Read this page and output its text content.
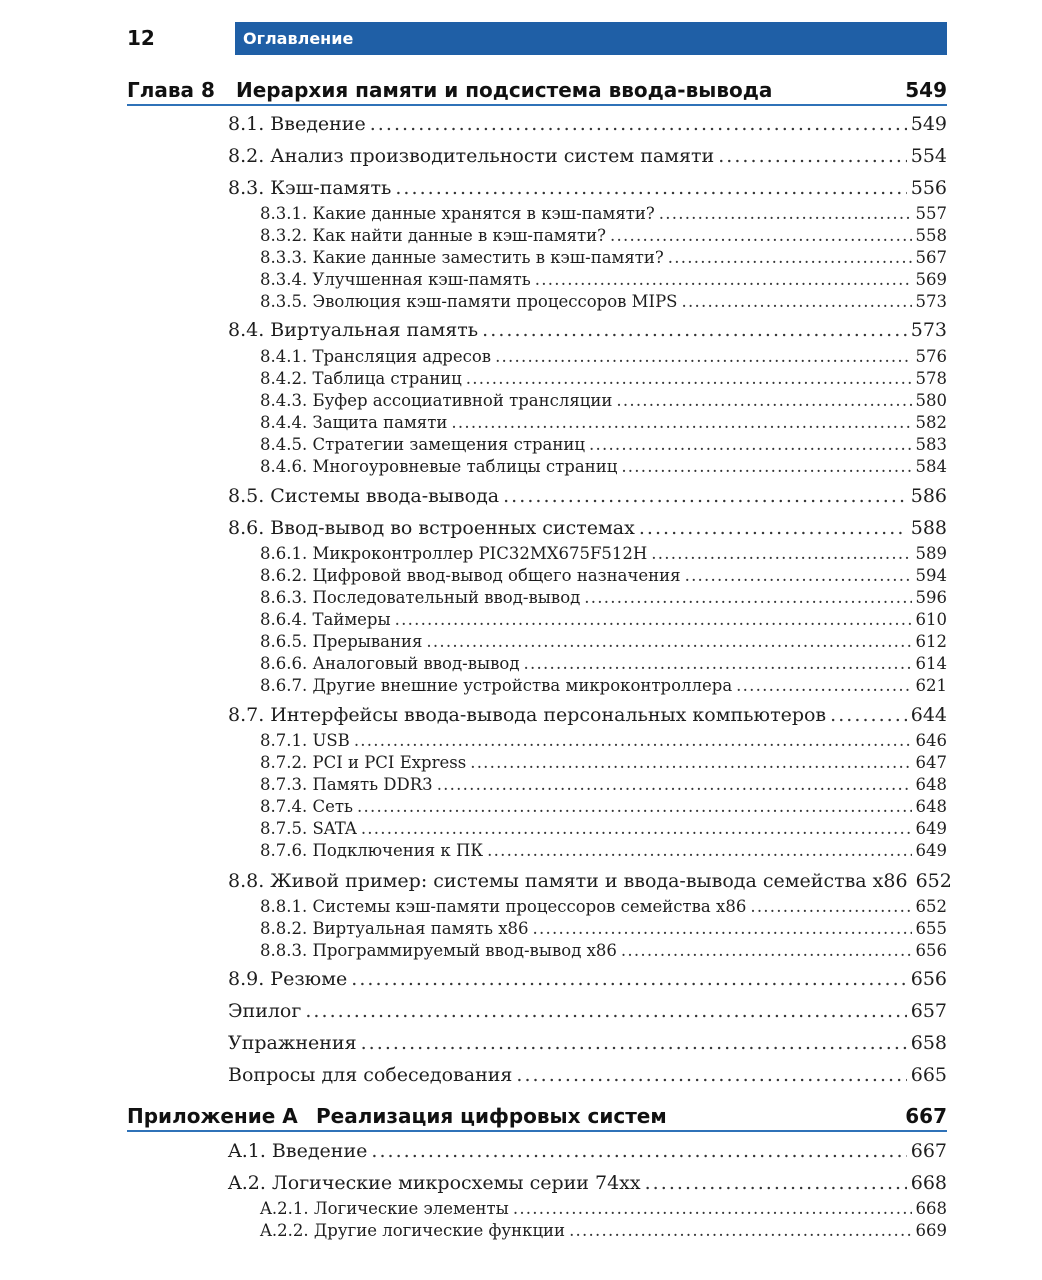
12	Оглавление
Глава 8 Иерархия памяти и подсистема ввода-вывода	549
8.1. Введение . . .	549
8.2. Анализ производительности систем памяти . . .	554
8.3. Кэш-память . . .	556
8.3.1. Какие данные хранятся в кэш-памяти? . . .	557
8.3.2. Как найти данные в кэш-памяти? . . .	558
8.3.3. Какие данные заместить в кэш-памяти? . . .	567
8.3.4. Улучшенная кэш-память . . .	569
8.3.5. Эволюция кэш-памяти процессоров MIPS . . .	573
8.4. Виртуальная память . . .	573
8.4.1. Трансляция адресов . . .	576
8.4.2. Таблица страниц . . .	578
8.4.3. Буфер ассоциативной трансляции . . .	580
8.4.4. Защита памяти . . .	582
8.4.5. Стратегии замещения страниц . . .	583
8.4.6. Многоуровневые таблицы страниц . . .	584
8.5. Системы ввода-вывода . . .	586
8.6. Ввод-вывод во встроенных системах . . .	588
8.6.1. Микроконтроллер PIC32MX675F512H . . .	589
8.6.2. Цифровой ввод-вывод общего назначения . . .	594
8.6.3. Последовательный ввод-вывод . . .	596
8.6.4. Таймеры . . .	610
8.6.5. Прерывания . . .	612
8.6.6. Аналоговый ввод-вывод . . .	614
8.6.7. Другие внешние устройства микроконтроллера . . .	621
8.7. Интерфейсы ввода-вывода персональных компьютеров . . .	644
8.7.1. USB . . .	646
8.7.2. PCI и PCI Express . . .	647
8.7.3. Память DDR3 . . .	648
8.7.4. Сеть . . .	648
8.7.5. SATA . . .	649
8.7.6. Подключения к ПК . . .	649
8.8. Живой пример: системы памяти и ввода-вывода семейства x86 652
8.8.1. Системы кэш-памяти процессоров семейства x86 . . .	652
8.8.2. Виртуальная память x86 . . .	655
8.8.3. Программируемый ввод-вывод x86 . . .	656
8.9. Резюме . . .	656
Эпилог . . .	657
Упражнения . . .	658
Вопросы для собеседования . . .	665
Приложение A Реализация цифровых систем	667
A.1. Введение . . .	667
A.2. Логические микросхемы серии 74xx . . .	668
A.2.1. Логические элементы . . .	668
A.2.2. Другие логические функции . . .	669
